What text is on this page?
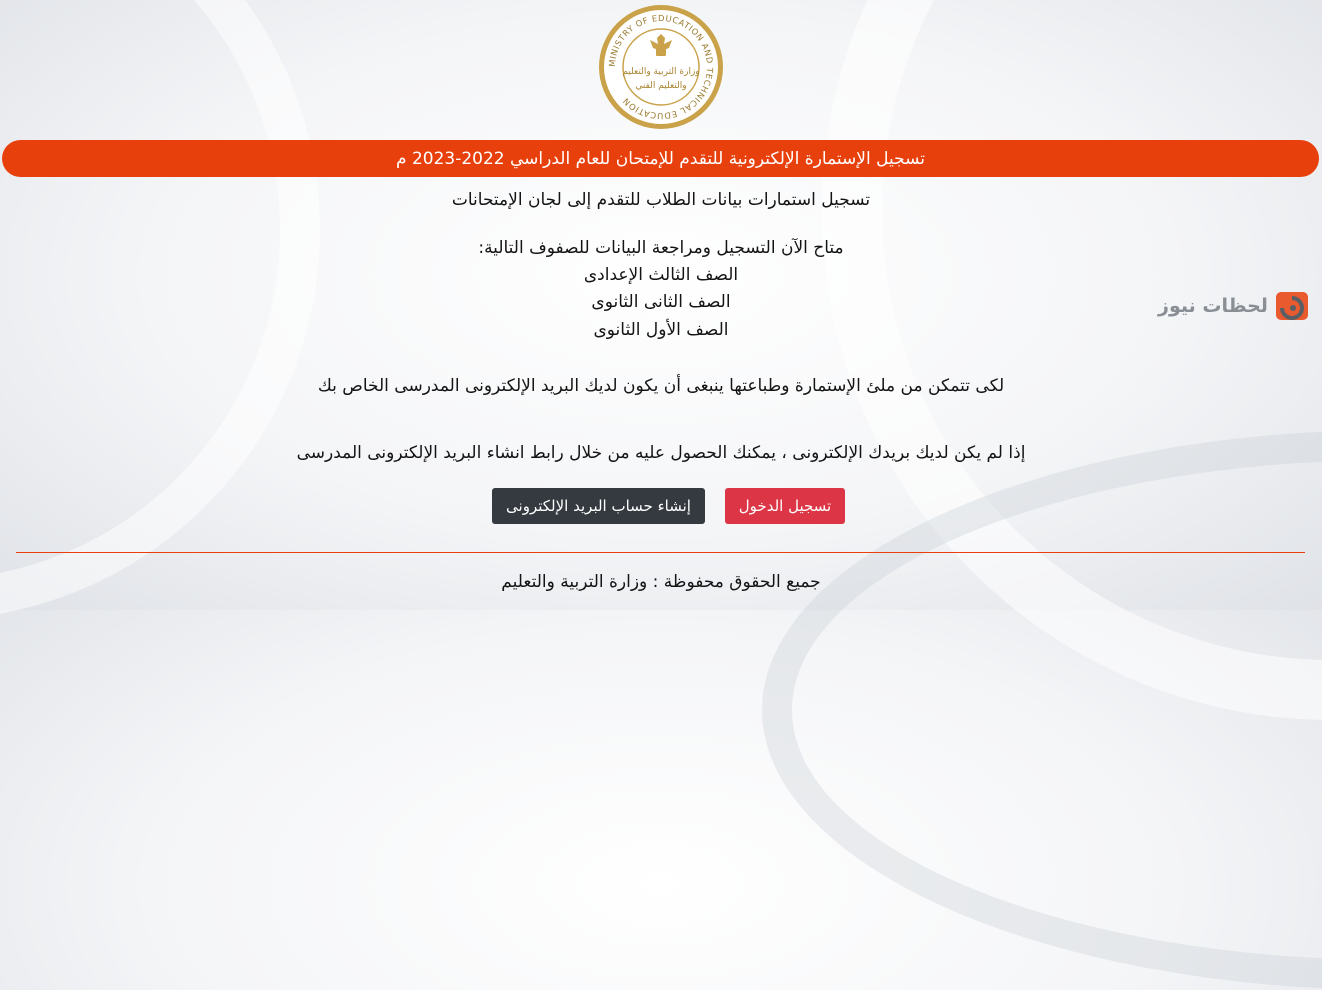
MINISTRY OF EDUCATION AND TECHNICAL EDUCATION
وزارة التربية والتعليم
والتعليم الفني
تسجيل الإستمارة الإلكترونية للتقدم للإمتحان للعام الدراسي 2022-2023 م
تسجيل استمارات بيانات الطلاب للتقدم إلى لجان الإمتحانات
متاح الآن التسجيل ومراجعة البيانات للصفوف التالية:
الصف الثالث الإعدادى
الصف الثانى الثانوى
الصف الأول الثانوى
لكى تتمكن من ملئ الإستمارة وطباعتها ينبغى أن يكون لديك البريد الإلكترونى المدرسى الخاص بك
إذا لم يكن لديك بريدك الإلكترونى ، يمكنك الحصول عليه من خلال رابط انشاء البريد الإلكترونى المدرسى
إنشاء حساب البريد الإلكترونى	تسجيل الدخول
جميع الحقوق محفوظة : وزارة التربية والتعليم
لحظات نيوز
